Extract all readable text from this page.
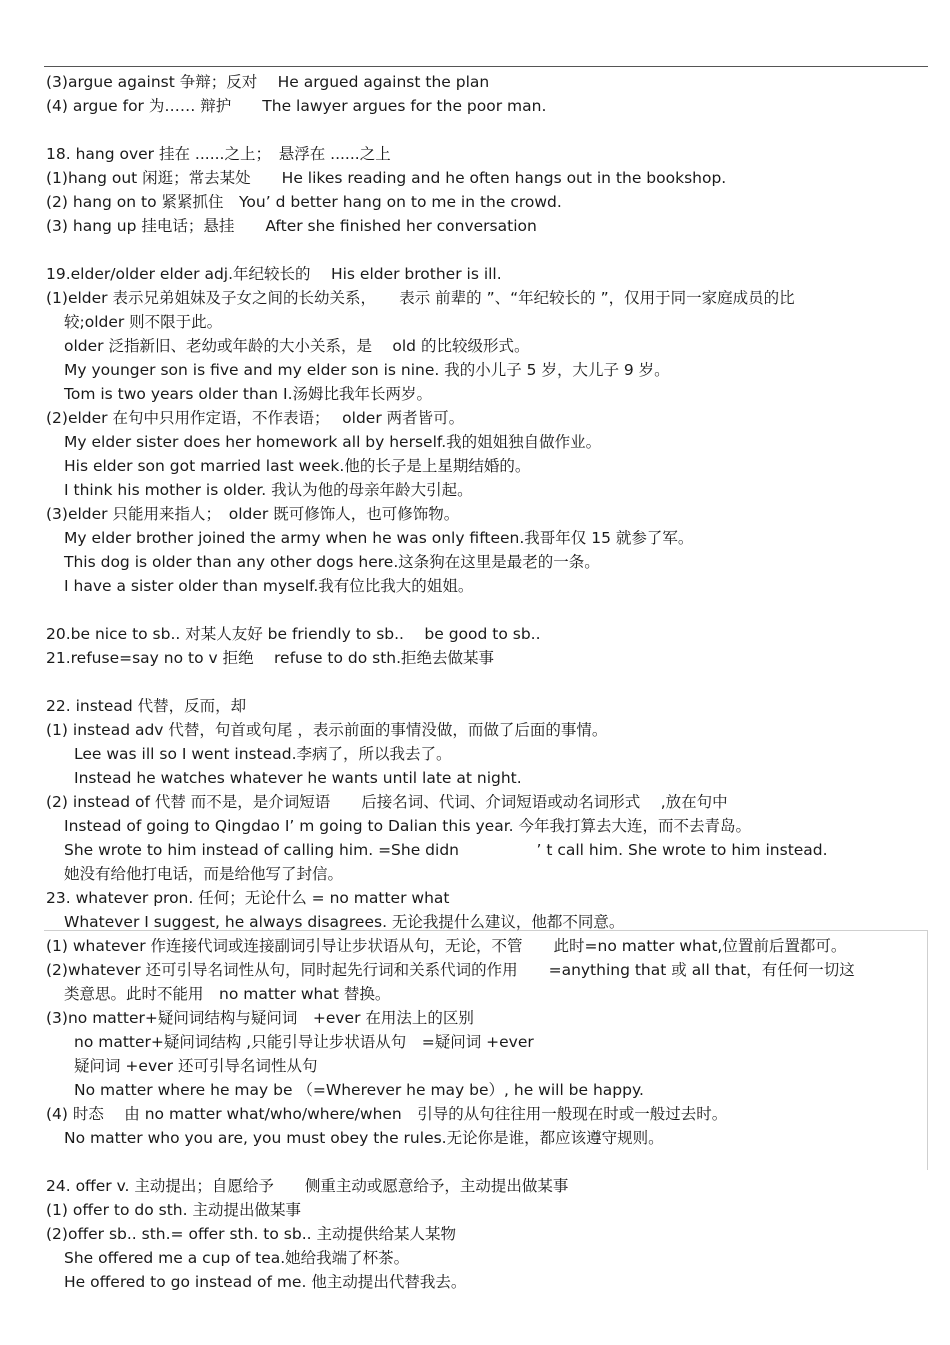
(3)argue against 争辩；反对　 He argued against the plan
(4) argue for 为…… 辩护　　The lawyer argues for the poor man.
18. hang over 挂在 ......之上；　悬浮在 ......之上
(1)hang out 闲逛；常去某处　　He likes reading and he often hangs out in the bookshop.
(2) hang on to 紧紧抓住　You’ d better hang on to me in the crowd.
(3) hang up 挂电话；悬挂　　After she finished her conversation
19.elder/older elder adj.年纪较长的　 His elder brother is ill.
(1)elder 表示兄弟姐妹及子女之间的长幼关系，　　表示 前辈的 ”、“年纪较长的 ”，仅用于同一家庭成员的比
较;older 则不限于此。
older 泛指新旧、老幼或年龄的大小关系，是　 old 的比较级形式。
My younger son is five and my elder son is nine. 我的小儿子 5 岁，大儿子 9 岁。
Tom is two years older than I.汤姆比我年长两岁。
(2)elder 在句中只用作定语，不作表语；　 older 两者皆可。
My elder sister does her homework all by herself.我的姐姐独自做作业。
His elder son got married last week.他的长子是上星期结婚的。
I think his mother is older. 我认为他的母亲年龄大引起。
(3)elder 只能用来指人；　older 既可修饰人，也可修饰物。
My elder brother joined the army when he was only fifteen.我哥年仅 15 就参了军。
This dog is older than any other dogs here.这条狗在这里是最老的一条。
I have a sister older than myself.我有位比我大的姐姐。
20.be nice to sb.. 对某人友好 be friendly to sb..　 be good to sb..
21.refuse=say no to v 拒绝　 refuse to do sth.拒绝去做某事
22. instead 代替，反而，却
(1) instead adv 代替，句首或句尾 ，表示前面的事情没做，而做了后面的事情。
Lee was ill so I went instead.李病了，所以我去了。
Instead he watches whatever he wants until late at night.
(2) instead of 代替 而不是，是介词短语　　后接名词、代词、介词短语或动名词形式　 ,放在句中
Instead of going to Qingdao I’ m going to Dalian this year. 今年我打算去大连，而不去青岛。
She wrote to him instead of calling him. =She didn　　　　　’ t call him. She wrote to him instead.
她没有给他打电话，而是给他写了封信。
23. whatever pron. 任何；无论什么 = no matter what
Whatever I suggest, he always disagrees. 无论我提什么建议，他都不同意。
(1) whatever 作连接代词或连接副词引导让步状语从句，无论，不管　　此时=no matter what,位置前后置都可。
(2)whatever 还可引导名词性从句，同时起先行词和关系代词的作用　　=anything that 或 all that，有任何一切这
类意思。此时不能用　no matter what 替换。
(3)no matter+疑问词结构与疑问词　+ever 在用法上的区别
no matter+疑问词结构 ,只能引导让步状语从句　=疑问词 +ever
疑问词 +ever 还可引导名词性从句
No matter where he may be （=Wherever he may be）, he will be happy.
(4) 时态　 由 no matter what/who/where/when　引导的从句往往用一般现在时或一般过去时。
No matter who you are, you must obey the rules.无论你是谁，都应该遵守规则。
24. offer v. 主动提出；自愿给予　　侧重主动或愿意给予，主动提出做某事
(1) offer to do sth. 主动提出做某事
(2)offer sb.. sth.= offer sth. to sb.. 主动提供给某人某物
She offered me a cup of tea.她给我端了杯茶。
He offered to go instead of me. 他主动提出代替我去。
